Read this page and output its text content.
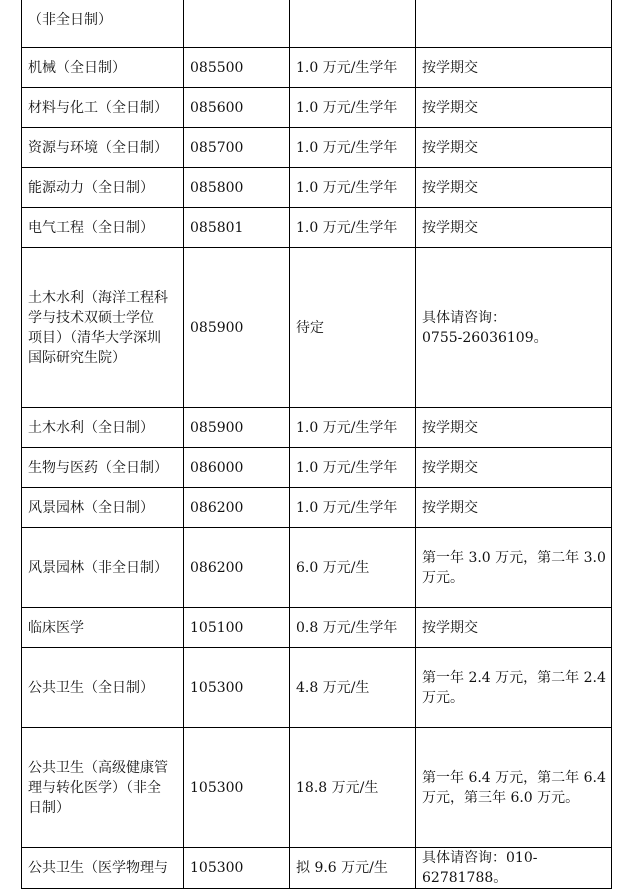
（非全日制）			

机械（全日制）	085500	1.0 万元/生学年	按学期交

材料与化工（全日制）	085600	1.0 万元/生学年	按学期交

资源与环境（全日制）	085700	1.0 万元/生学年	按学期交

能源动力（全日制）	085800	1.0 万元/生学年	按学期交

电气工程（全日制）	085801	1.0 万元/生学年	按学期交

土木水利（海洋工程科
学与技术双硕士学位
项目）（清华大学深圳
国际研究生院）	085900	待定	具体请咨询：
0755-26036109。

土木水利（全日制）	085900	1.0 万元/生学年	按学期交

生物与医药（全日制）	086000	1.0 万元/生学年	按学期交

风景园林（全日制）	086200	1.0 万元/生学年	按学期交

风景园林（非全日制）	086200	6.0 万元/生	第一年 3.0 万元，第二年 3.0
万元。

临床医学	105100	0.8 万元/生学年	按学期交

公共卫生（全日制）	105300	4.8 万元/生	第一年 2.4 万元，第二年 2.4
万元。

公共卫生（高级健康管
理与转化医学）（非全
日制）	105300	18.8 万元/生	第一年 6.4 万元，第二年 6.4
万元，第三年 6.0 万元。

公共卫生（医学物理与	105300	拟 9.6 万元/生	具体请咨询：010-62781788。
